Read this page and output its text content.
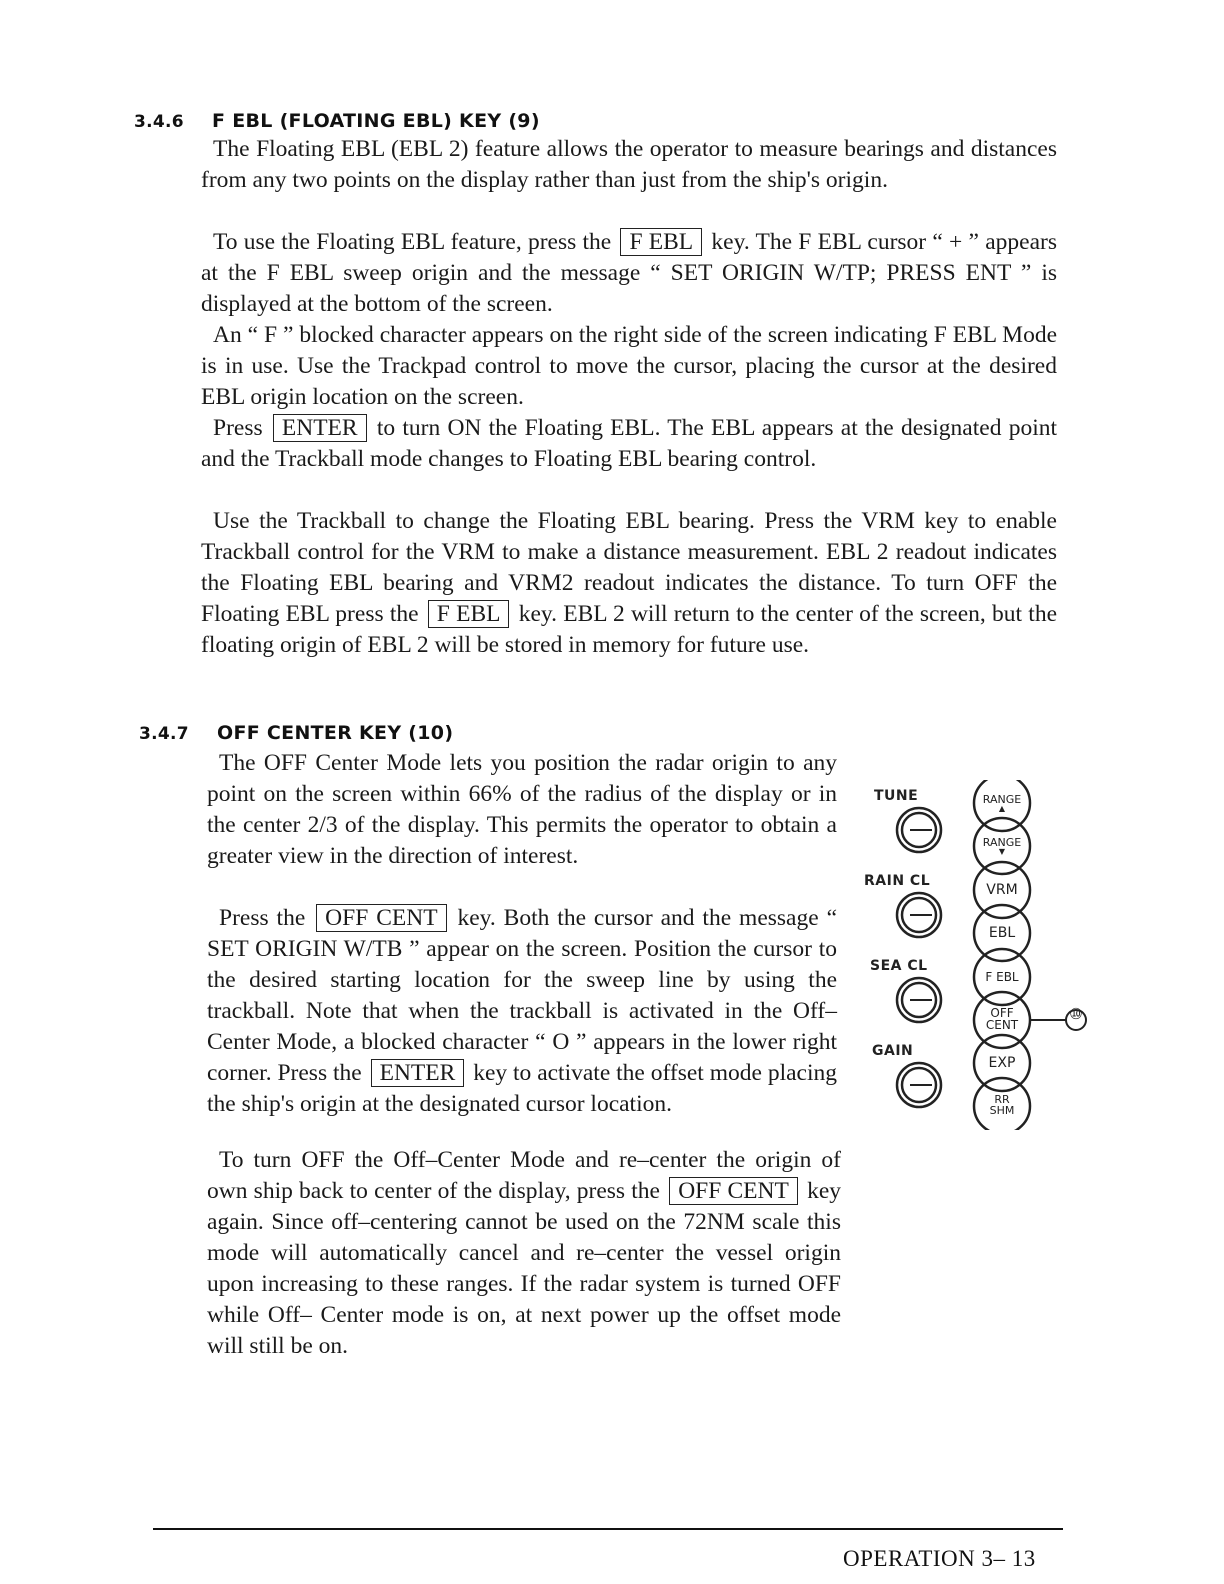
3.4.6 F EBL (FLOATING EBL) KEY (9)

The Floating EBL (EBL 2) feature allows the operator to measure bearings and distances from any two points on the display rather than just from the ship's origin.

To use the Floating EBL feature, press the F EBL key. The F EBL cursor “ + ” appears at the F EBL sweep origin and the message “ SET ORIGIN W/TP; PRESS ENT ” is displayed at the bottom of the screen.

An “ F ” blocked character appears on the right side of the screen indicating F EBL Mode is in use. Use the Trackpad control to move the cursor, placing the cursor at the desired EBL origin location on the screen.

Press ENTER to turn ON the Floating EBL. The EBL appears at the designated point and the Trackball mode changes to Floating EBL bearing control.

Use the Trackball to change the Floating EBL bearing. Press the VRM key to enable Trackball control for the VRM to make a distance measurement. EBL 2 readout indicates the Floating EBL bearing and VRM2 readout indicates the distance. To turn OFF the Floating EBL press the F EBL key. EBL 2 will return to the center of the screen, but the floating origin of EBL 2 will be stored in memory for future use.

3.4.7 OFF CENTER KEY (10)

The OFF Center Mode lets you position the radar origin to any point on the screen within 66% of the radius of the display or in the center 2/3 of the display. This permits the operator to obtain a greater view in the direction of interest.

Press the OFF CENT key. Both the cursor and the message “ SET ORIGIN W/TB ” appear on the screen. Position the cursor to the desired starting location for the sweep line by using the trackball. Note that when the trackball is activated in the Off–Center Mode, a blocked character “ O ” appears in the lower right corner. Press the ENTER key to activate the offset mode placing the ship's origin at the designated cursor location.

To turn OFF the Off–Center Mode and re–center the origin of own ship back to center of the display, press the OFF CENT key again. Since off–centering cannot be used on the 72NM scale this mode will automatically cancel and re–center the vessel origin upon increasing to these ranges. If the radar system is turned OFF while Off– Center mode is on, at next power up the offset mode will still be on.

TUNE
RAIN CL
SEA CL
GAIN
RANGE
▲
RANGE
▼
VRM
EBL
F EBL
OFF
CENT
EXP
RR
SHM
⑩
OPERATION 3– 13
